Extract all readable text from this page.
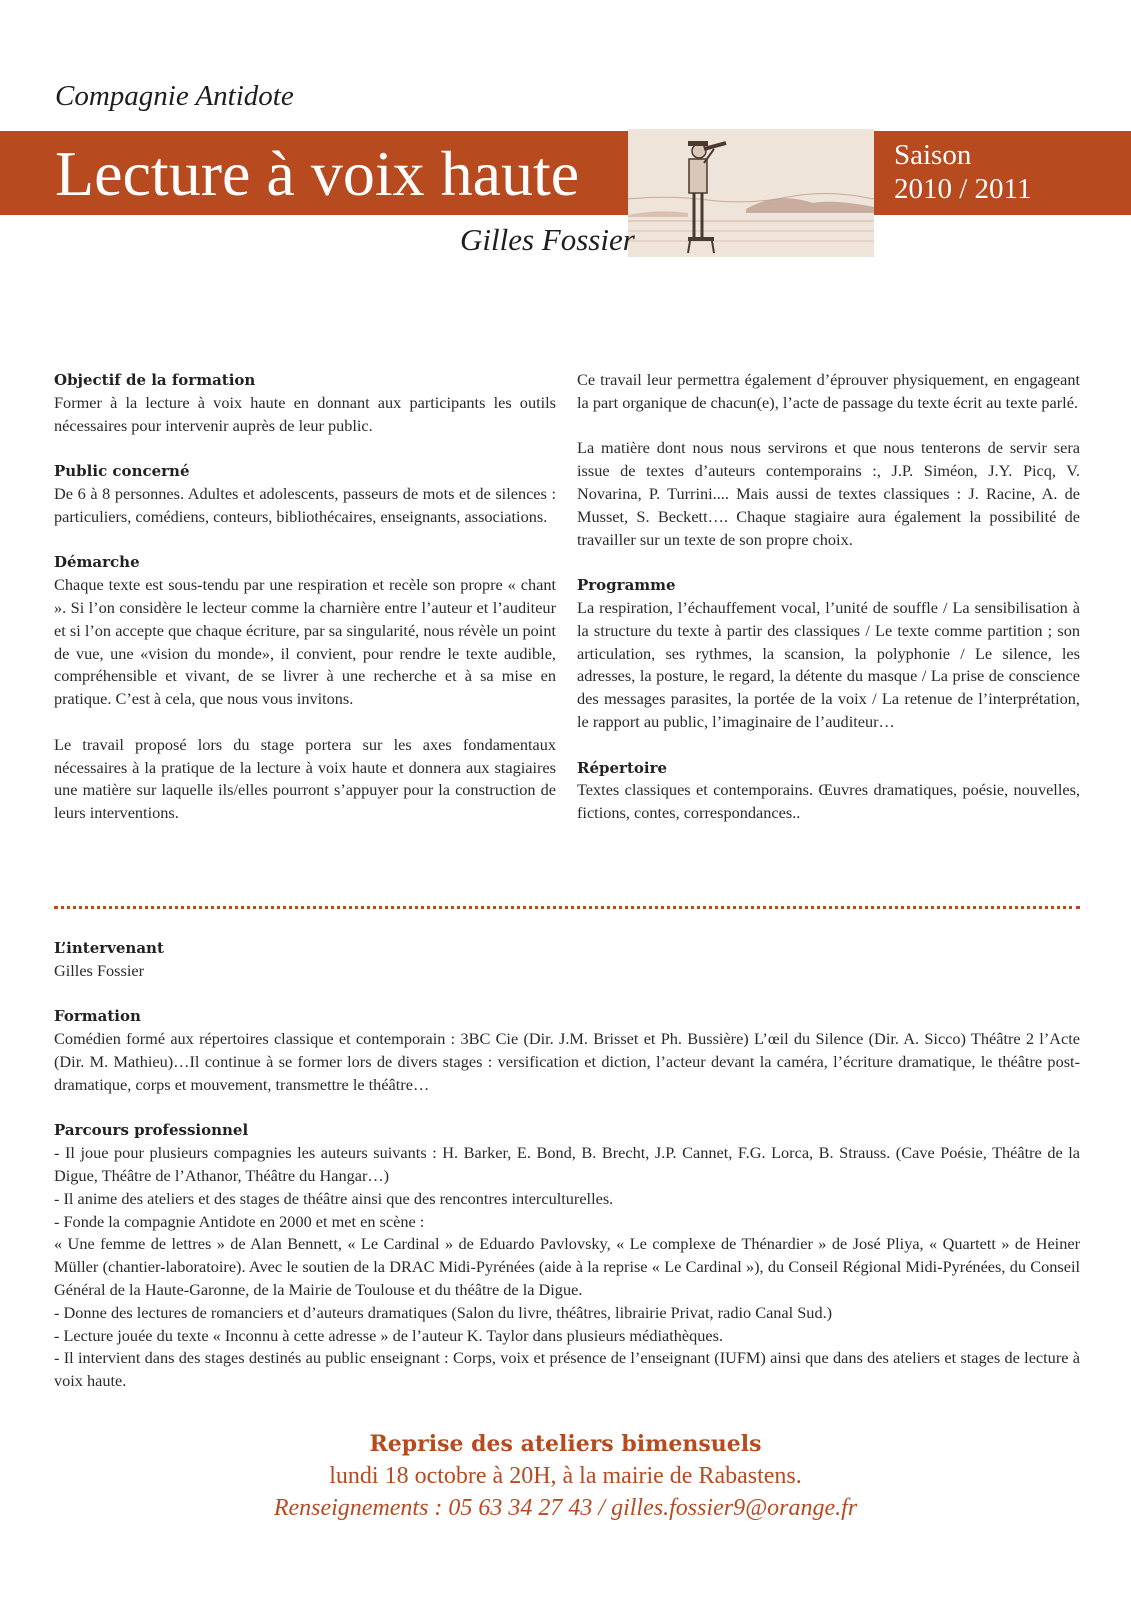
Compagnie Antidote
Lecture à voix haute	Saison
2010 / 2011
Gilles Fossier
Objectif de la formation

Former à la lecture à voix haute en donnant aux participants les outils nécessaires pour intervenir auprès de leur public.

Public concerné

De 6 à 8 personnes. Adultes et adolescents, passeurs de mots et de silences : particuliers, comédiens, conteurs, bibliothécaires, enseignants, associations.

Démarche

Chaque texte est sous-tendu par une respiration et recèle son propre « chant ». Si l’on considère le lecteur comme la charnière entre l’auteur et l’auditeur et si l’on accepte que chaque écriture, par sa singularité, nous révèle un point de vue, une «vision du monde», il convient, pour rendre le texte audible, compréhensible et vivant, de se livrer à une recherche et à sa mise en pratique. C’est à cela, que nous vous invitons.

Le travail proposé lors du stage portera sur les axes fondamentaux nécessaires à la pratique de la lecture à voix haute et donnera aux stagiaires une matière sur laquelle ils/elles pourront s’appuyer pour la construction de leurs interventions.

Ce travail leur permettra également d’éprouver physiquement, en engageant la part organique de chacun(e), l’acte de passage du texte écrit au texte parlé.

La matière dont nous nous servirons et que nous tenterons de servir sera issue de textes d’auteurs contemporains :, J.P. Siméon, J.Y. Picq, V. Novarina, P. Turrini.... Mais aussi de textes classiques : J. Racine, A. de Musset, S. Beckett…. Chaque stagiaire aura également la possibilité de travailler sur un texte de son propre choix.

Programme

La respiration, l’échauffement vocal, l’unité de souffle / La sensibilisation à la structure du texte à partir des classiques / Le texte comme partition ; son articulation, ses rythmes, la scansion, la polyphonie / Le silence, les adresses, la posture, le regard, la détente du masque / La prise de conscience des messages parasites, la portée de la voix / La retenue de l’interprétation, le rapport au public, l’imaginaire de l’auditeur…

Répertoire

Textes classiques et contemporains. Œuvres dramatiques, poésie, nouvelles, fictions, contes, correspondances..

L’intervenant

Gilles Fossier

Formation

Comédien formé aux répertoires classique et contemporain : 3BC Cie (Dir. J.M. Brisset et Ph. Bussière) L’œil du Silence (Dir. A. Sicco) Théâtre 2 l’Acte (Dir. M. Mathieu)…Il continue à se former lors de divers stages : versification et diction, l’acteur devant la caméra, l’écriture dramatique, le théâtre post-dramatique, corps et mouvement, transmettre le théâtre…

Parcours professionnel
- Il joue pour plusieurs compagnies les auteurs suivants : H. Barker, E. Bond, B. Brecht, J.P. Cannet, F.G. Lorca, B. Strauss. (Cave Poésie, Théâtre de la Digue, Théâtre de l’Athanor, Théâtre du Hangar…)
- Il anime des ateliers et des stages de théâtre ainsi que des rencontres interculturelles.
- Fonde la compagnie Antidote en 2000 et met en scène :
« Une femme de lettres » de Alan Bennett, « Le Cardinal » de Eduardo Pavlovsky, « Le complexe de Thénardier » de José Pliya, « Quartett » de Heiner Müller (chantier-laboratoire). Avec le soutien de la DRAC Midi-Pyrénées (aide à la reprise « Le Cardinal »), du Conseil Régional Midi-Pyrénées, du Conseil Général de la Haute-Garonne, de la Mairie de Toulouse et du théâtre de la Digue.
- Donne des lectures de romanciers et d’auteurs dramatiques (Salon du livre, théâtres, librairie Privat, radio Canal Sud.)
- Lecture jouée du texte « Inconnu à cette adresse » de l’auteur K. Taylor dans plusieurs médiathèques.
- Il intervient dans des stages destinés au public enseignant : Corps, voix et présence de l’enseignant (IUFM) ainsi que dans des ateliers et stages de lecture à voix haute.
Reprise des ateliers bimensuels
lundi 18 octobre à 20H, à la mairie de Rabastens.
Renseignements : 05 63 34 27 43 / gilles.fossier9@orange.fr
